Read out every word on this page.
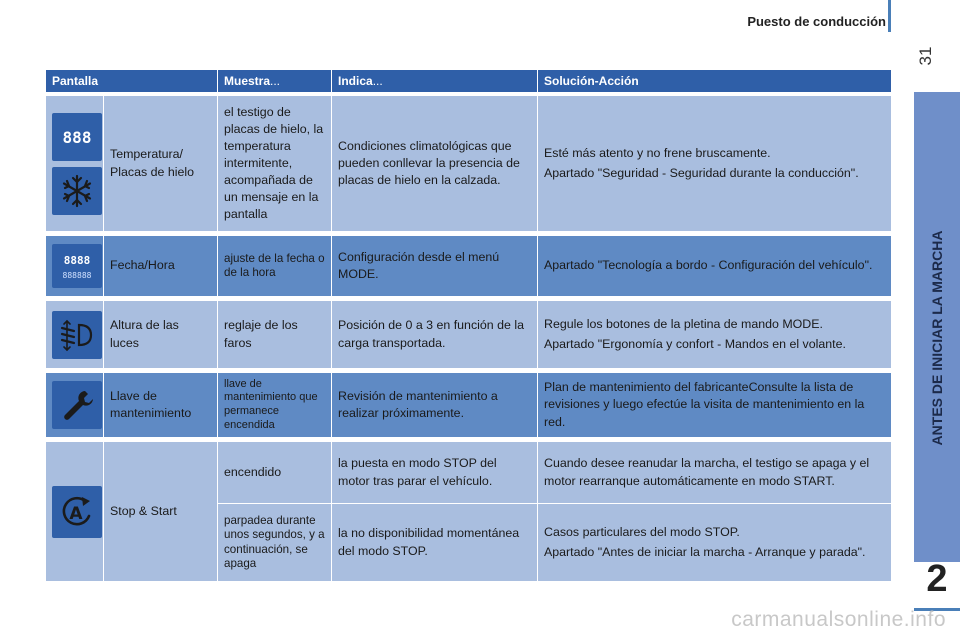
Puesto de conducción
31
ANTES DE INICIAR LA MARCHA
2
Pantalla		Muestra...	Indica...	Solución-Acción

888	Temperatura/ Placas de hielo	el testigo de placas de hielo, la temperatura intermitente, acompañada de un mensaje en la pantalla	Condiciones climatológicas que pueden conllevar la presencia de placas de hielo en la calzada.	Esté más atento y no frene bruscamente.

Apartado "Seguridad - Seguridad durante la conducción".

8888
888888	Fecha/Hora	ajuste de la fecha o de la hora	Configuración desde el menú MODE.	Apartado "Tecnología a bordo - Configuración del vehículo".

	Altura de las luces	reglaje de los faros	Posición de 0 a 3 en función de la carga transportada.	Regule los botones de la pletina de mando MODE.

Apartado "Ergonomía y confort - Mandos en el volante.

	Llave de mantenimiento	llave de mantenimiento que permanece encendida	Revisión de mantenimiento a realizar próximamente.	Plan de mantenimiento del fabricanteConsulte la lista de revisiones y luego efectúe la visita de mantenimiento en la red.

A	Stop & Start	encendido	la puesta en modo STOP del motor tras parar el vehículo.	Cuando desee reanudar la marcha, el testigo se apaga y el motor rearranque automáticamente en modo START.

		parpadea durante unos segundos, y a continuación, se apaga	la no disponibilidad momentánea del modo STOP.	Casos particulares del modo STOP.

Apartado "Antes de iniciar la marcha - Arranque y parada".

carmanualsonline.info
